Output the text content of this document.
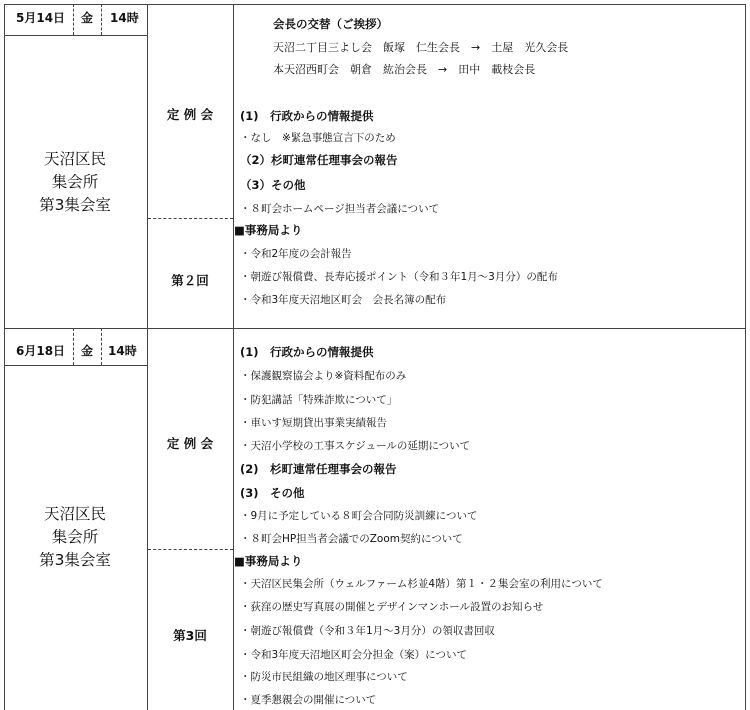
5月14日 金 14時
天沼区民
集会所
第3集会室
定 例 会
第２回
会長の交替（ご挨拶）
天沼二丁目三よし会　飯塚　仁生会長　→　土屋　光久会長
本天沼西町会　朝倉　紘治会長　→　田中　載枝会長
(1)　行政からの情報提供
・なし　※緊急事態宣言下のため
（2）杉町連常任理事会の報告
（3）その他
・８町会ホームページ担当者会議について
■事務局より
・令和2年度の会計報告
・朝遊び報償費、長寿応援ポイント（令和３年1月〜3月分）の配布
・令和3年度天沼地区町会　会長名簿の配布
6月18日 金 14時
天沼区民
集会所
第3集会室
定 例 会
第3回
(1)　行政からの情報提供
・保護観察協会より※資料配布のみ
・防犯講話「特殊詐欺について」
・車いす短期貸出事業実績報告
・天沼小学校の工事スケジュールの延期について
(2)　杉町連常任理事会の報告
(3)　その他
・9月に予定している８町会合同防災訓練について
・８町会HP担当者会議でのZoom契約について
■事務局より
・天沼区民集会所（ウェルファーム杉並4階）第１・２集会室の利用について
・荻窪の歴史写真展の開催とデザインマンホール設置のお知らせ
・朝遊び報償費（令和３年1月〜3月分）の領収書回収
・令和3年度天沼地区町会分担金（案）について
・防災市民組織の地区理事について
・夏季懇親会の開催について
